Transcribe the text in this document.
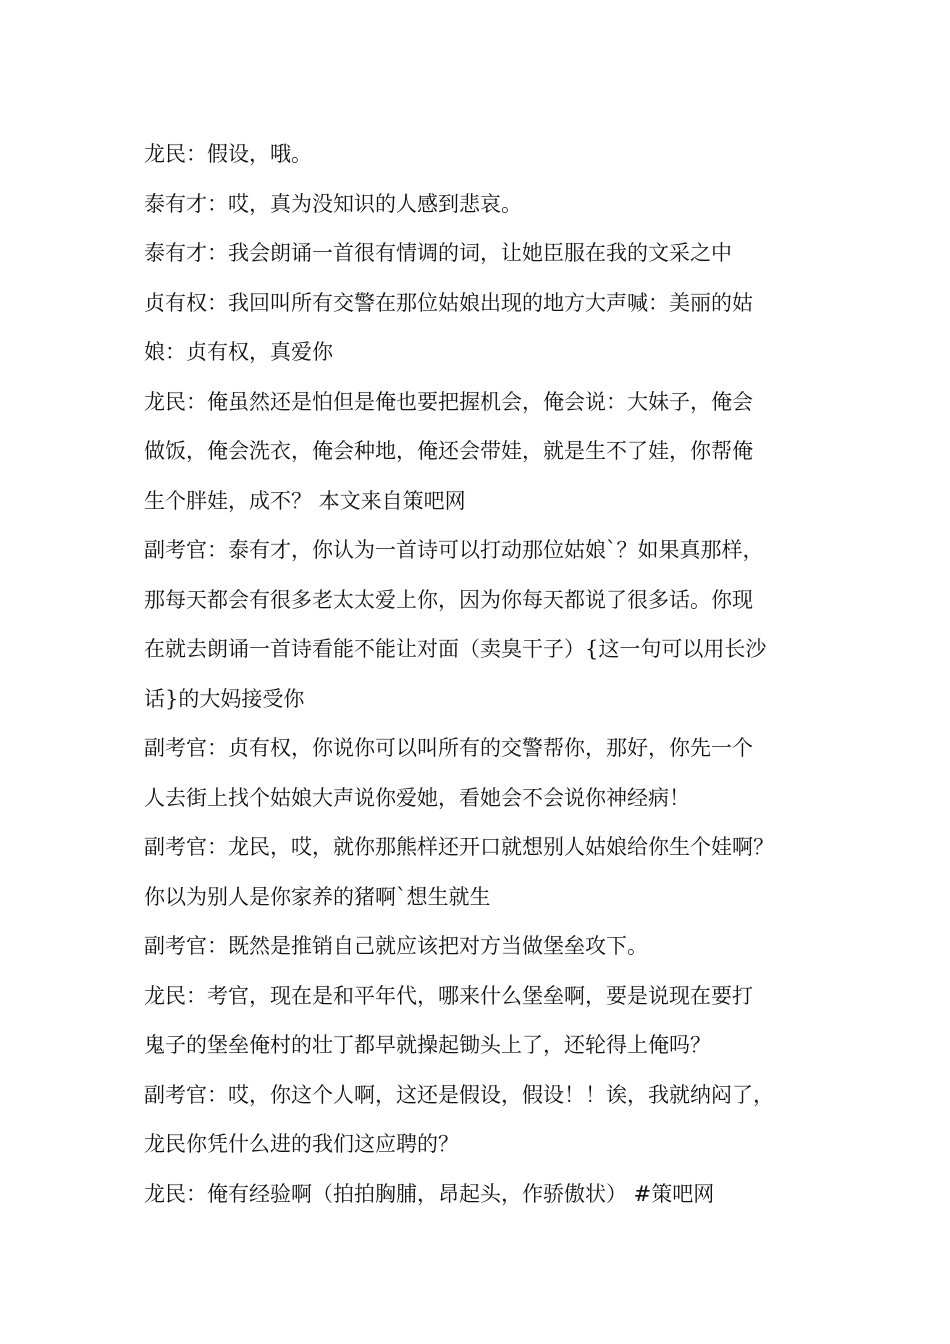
龙民：假设，哦。
泰有才：哎，真为没知识的人感到悲哀。
泰有才：我会朗诵一首很有情调的词，让她臣服在我的文采之中
贞有权：我回叫所有交警在那位姑娘出现的地方大声喊：美丽的姑
娘：贞有权，真爱你
龙民：俺虽然还是怕但是俺也要把握机会，俺会说：大妹子，俺会
做饭，俺会洗衣，俺会种地，俺还会带娃，就是生不了娃，你帮俺
生个胖娃，成不？ 本文来自策吧网
副考官：泰有才，你认为一首诗可以打动那位姑娘`？如果真那样，
那每天都会有很多老太太爱上你，因为你每天都说了很多话。你现
在就去朗诵一首诗看能不能让对面（卖臭干子）{这一句可以用长沙
话}的大妈接受你
副考官：贞有权，你说你可以叫所有的交警帮你，那好，你先一个
人去街上找个姑娘大声说你爱她，看她会不会说你神经病！
副考官：龙民，哎，就你那熊样还开口就想别人姑娘给你生个娃啊？
你以为别人是你家养的猪啊`想生就生
副考官：既然是推销自己就应该把对方当做堡垒攻下。
龙民：考官，现在是和平年代，哪来什么堡垒啊，要是说现在要打
鬼子的堡垒俺村的壮丁都早就操起锄头上了，还轮得上俺吗？
副考官：哎，你这个人啊，这还是假设，假设！！诶，我就纳闷了，
龙民你凭什么进的我们这应聘的？
龙民：俺有经验啊（拍拍胸脯，昂起头，作骄傲状） #策吧网
